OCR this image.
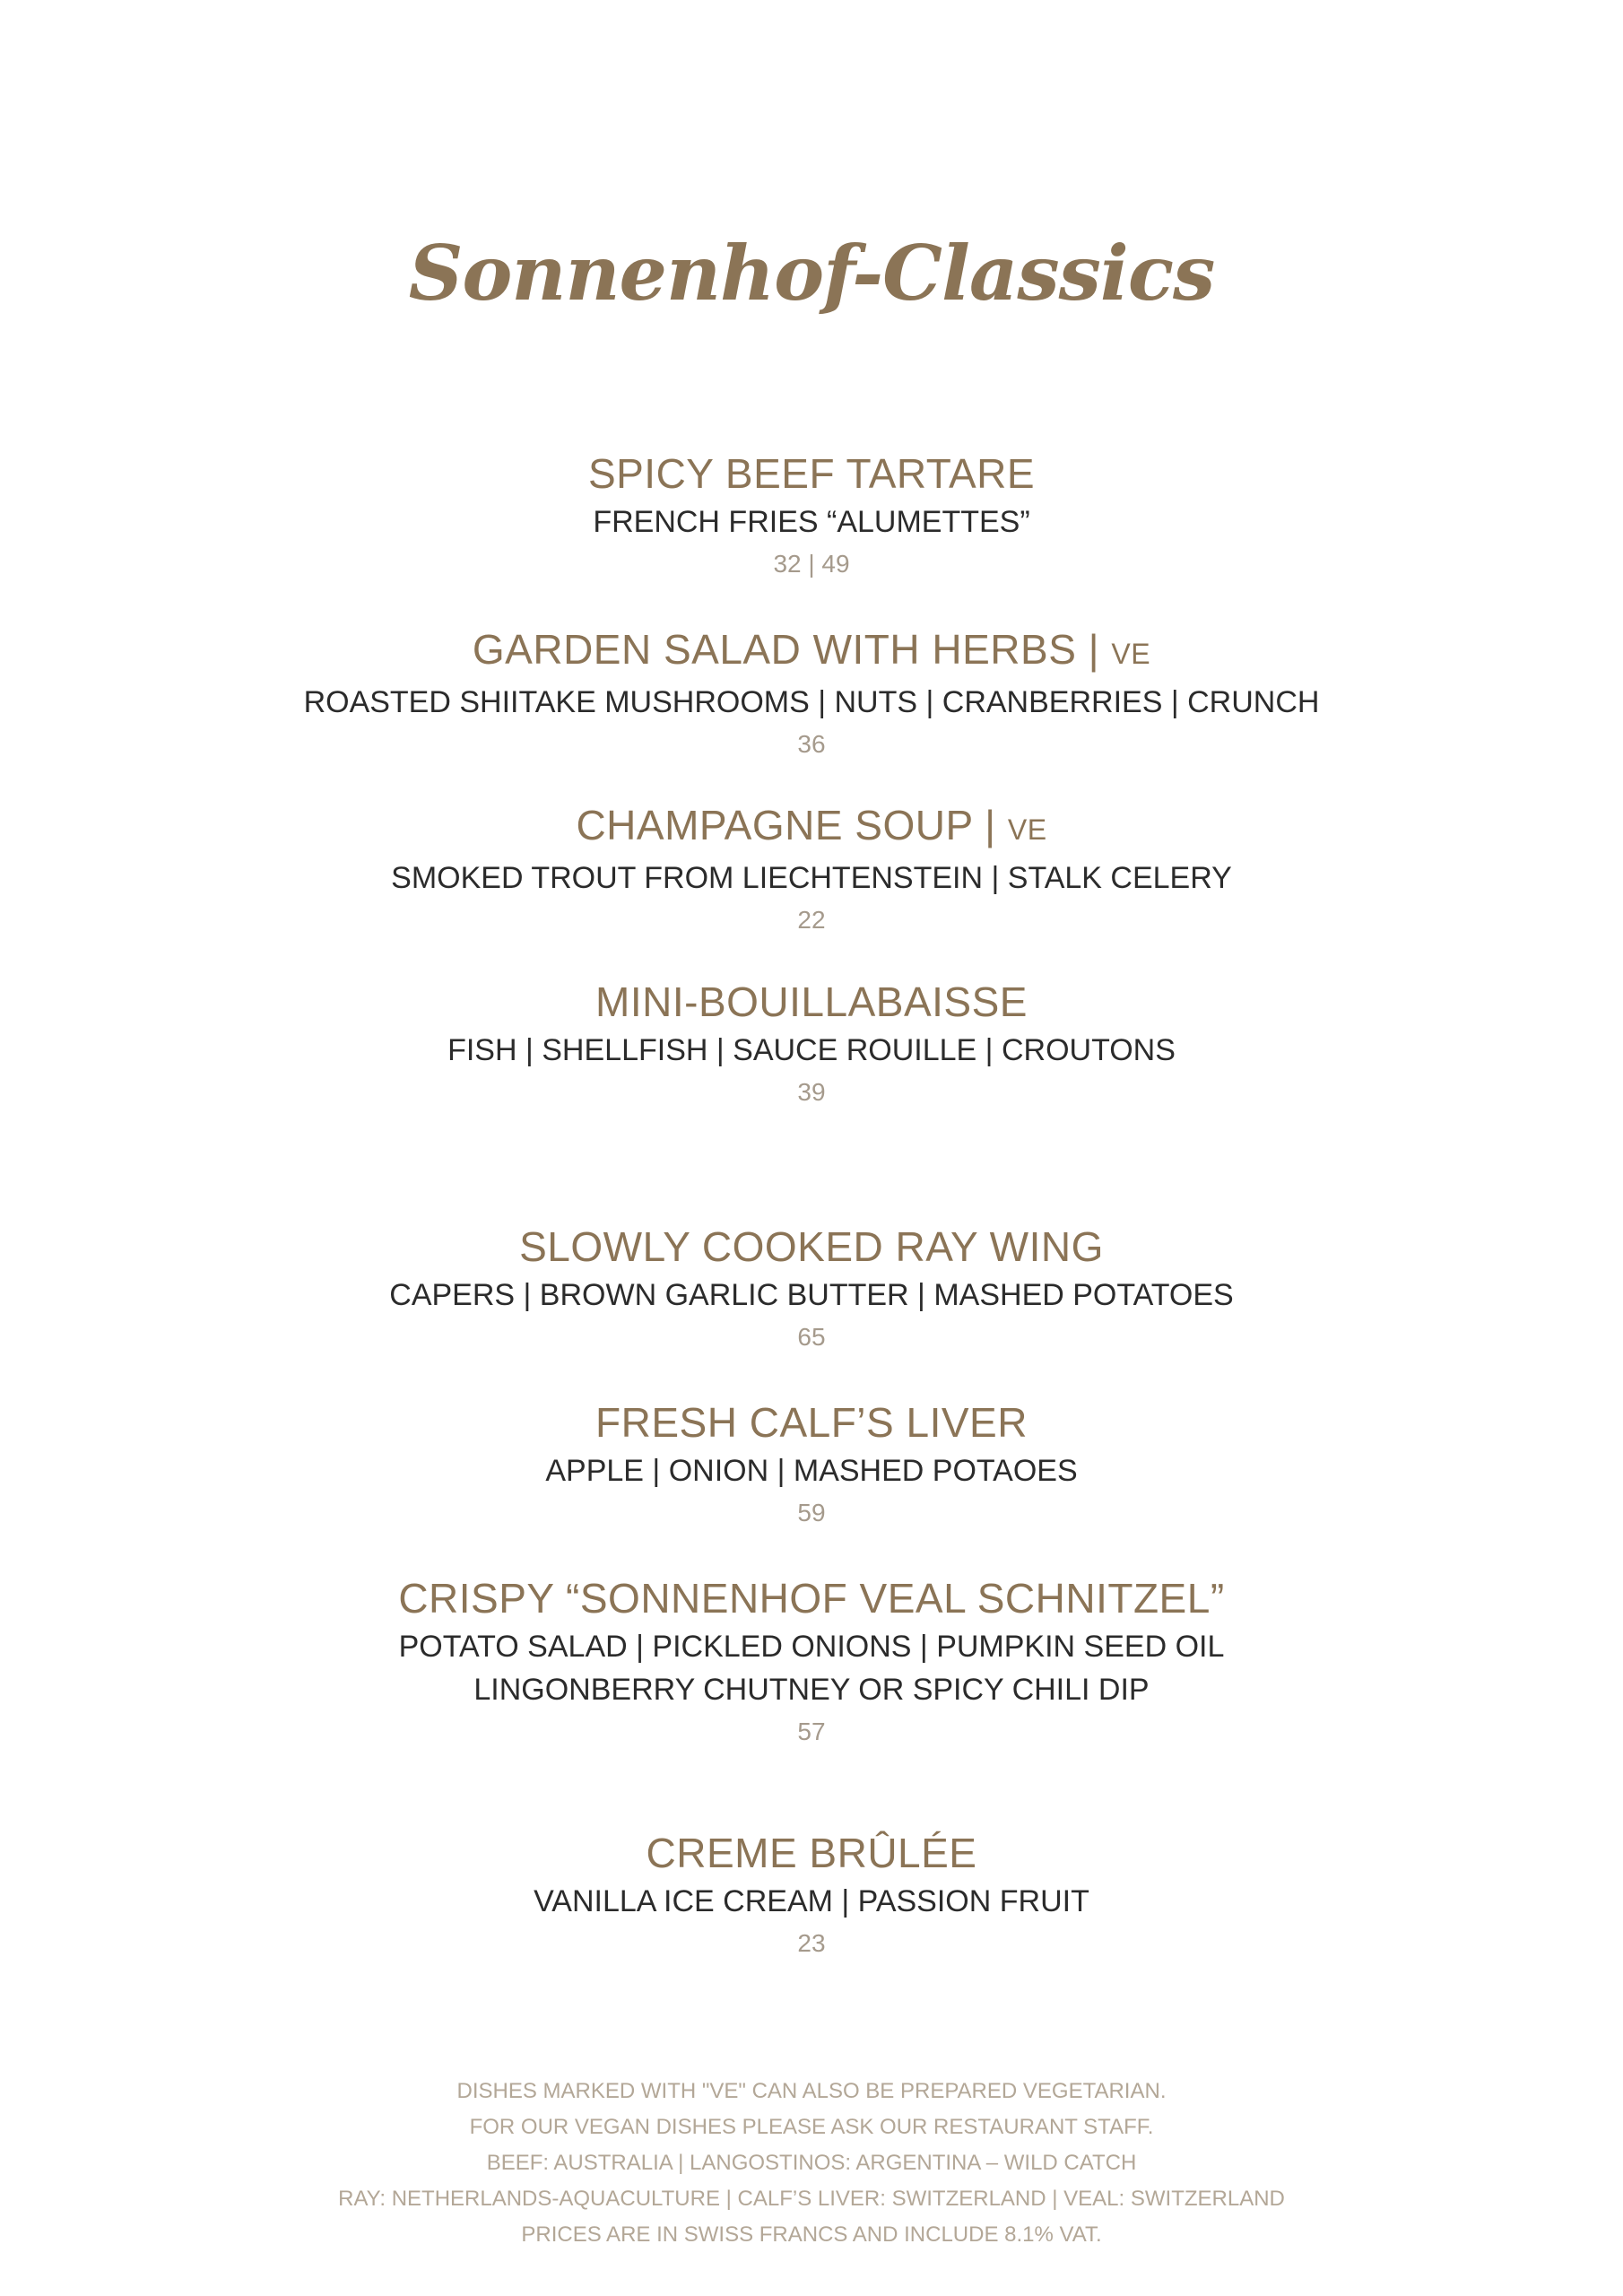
Sonnenhof-Classics
SPICY BEEF TARTARE
FRENCH FRIES “ALUMETTES”
32 | 49
GARDEN SALAD WITH HERBS | VE
ROASTED SHIITAKE MUSHROOMS | NUTS | CRANBERRIES | CRUNCH
36
CHAMPAGNE SOUP | VE
SMOKED TROUT FROM LIECHTENSTEIN | STALK CELERY
22
MINI-BOUILLABAISSE
FISH | SHELLFISH | SAUCE ROUILLE | CROUTONS
39
SLOWLY COOKED RAY WING
CAPERS | BROWN GARLIC BUTTER | MASHED POTATOES
65
FRESH CALF’S LIVER
APPLE | ONION | MASHED POTAOES
59
CRISPY “SONNENHOF VEAL SCHNITZEL”
POTATO SALAD | PICKLED ONIONS | PUMPKIN SEED OIL
LINGONBERRY CHUTNEY OR SPICY CHILI DIP
57
CREME BRÛLÉE
VANILLA ICE CREAM | PASSION FRUIT
23
DISHES MARKED WITH "VE" CAN ALSO BE PREPARED VEGETARIAN.
FOR OUR VEGAN DISHES PLEASE ASK OUR RESTAURANT STAFF.
BEEF: AUSTRALIA | LANGOSTINOS: ARGENTINA – WILD CATCH
RAY: NETHERLANDS-AQUACULTURE | CALF’S LIVER: SWITZERLAND | VEAL: SWITZERLAND
PRICES ARE IN SWISS FRANCS AND INCLUDE 8.1% VAT.
